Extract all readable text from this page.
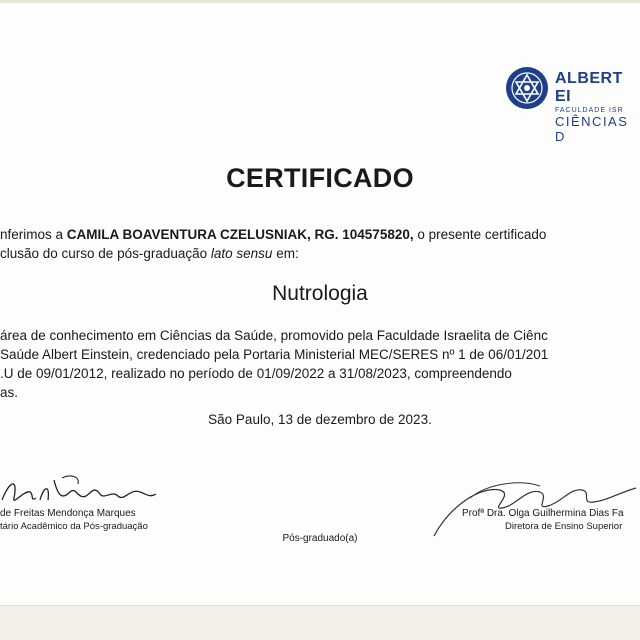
ALBERT EI
FACULDADE ISR
CIÊNCIAS D
CERTIFICADO
nferimos a CAMILA BOAVENTURA CZELUSNIAK, RG. 104575820, o presente certificado
clusão do curso de pós-graduação lato sensu em:
Nutrologia
área de conhecimento em Ciências da Saúde, promovido pela Faculdade Israelita de Ciênc
Saúde Albert Einstein, credenciado pela Portaria Ministerial MEC/SERES nº 1 de 06/01/201
.U de 09/01/2012, realizado no período de 01/09/2022 a 31/08/2023, compreendendo
as.
São Paulo, 13 de dezembro de 2023.
de Freitas Mendonça Marques
tário Acadêmico da Pós-graduação
Profª Dra. Olga Guilhermina Dias Fa
Diretora de Ensino Superior
Pós-graduado(a)
